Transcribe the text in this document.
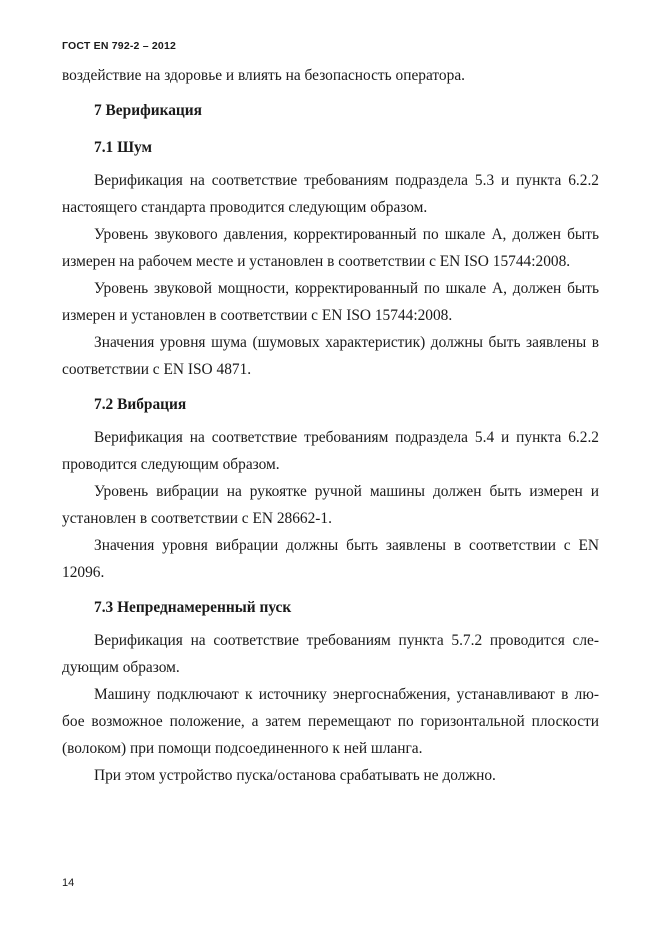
ГОСТ EN 792-2 – 2012

воздействие на здоровье и влиять на безопасность оператора.

7 Верификация
7.1 Шум

Верификация на соответствие требованиям подраздела 5.3 и пункта 6.2.2 настоящего стандарта проводится следующим образом.

Уровень звукового давления, корректированный по шкале А, должен быть измерен на рабочем месте и установлен в соответствии с EN ISO 15744:2008.

Уровень звуковой мощности, корректированный по шкале А, должен быть измерен и установлен в соответствии с EN ISO 15744:2008.

Значения уровня шума (шумовых характеристик) должны быть заявлены в соответствии с EN ISO 4871.

7.2 Вибрация

Верификация на соответствие требованиям подраздела 5.4 и пункта 6.2.2 проводится следующим образом.

Уровень вибрации на рукоятке ручной машины должен быть измерен и установлен в соответствии с EN 28662-1.

Значения уровня вибрации должны быть заявлены в соответствии с EN 12096.

7.3 Непреднамеренный пуск

Верификация на соответствие требованиям пункта 5.7.2 проводится следующим образом.

Машину подключают к источнику энергоснабжения, устанавливают в любое возможное положение, а затем перемещают по горизонтальной плоскости (волоком) при помощи подсоединенного к ней шланга.

При этом устройство пуска/останова срабатывать не должно.

14
